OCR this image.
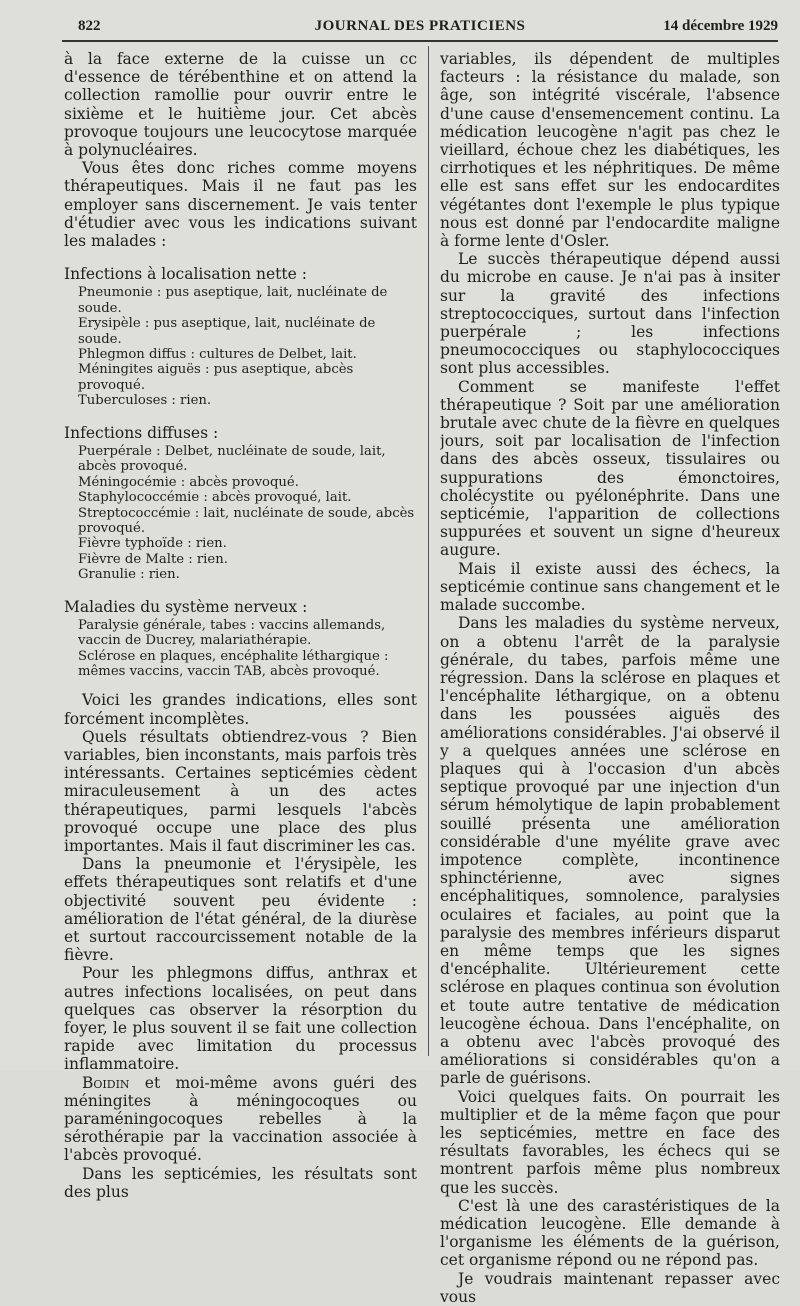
822	JOURNAL DES PRATICIENS	14 décembre 1929

à la face externe de la cuisse un cc d'essence de térébenthine et on attend la collection ramollie pour ouvrir entre le sixième et le huitième jour. Cet abcès provoque toujours une leucocytose marquée à polynucléaires.

Vous êtes donc riches comme moyens thérapeutiques. Mais il ne faut pas les employer sans discernement. Je vais tenter d'étudier avec vous les indications suivant les malades :

Infections à localisation nette :

Pneumonie : pus aseptique, lait, nucléinate de soude.

Erysipèle : pus aseptique, lait, nucléinate de soude.

Phlegmon diffus : cultures de Delbet, lait.

Méningites aiguës : pus aseptique, abcès provoqué.

Tuberculoses : rien.

Infections diffuses :

Puerpérale : Delbet, nucléinate de soude, lait, abcès provoqué.

Méningocémie : abcès provoqué.

Staphylococcémie : abcès provoqué, lait.

Streptococcémie : lait, nucléinate de soude, abcès provoqué.

Fièvre typhoïde : rien.

Fièvre de Malte : rien.

Granulie : rien.

Maladies du système nerveux :

Paralysie générale, tabes : vaccins allemands, vaccin de Ducrey, malariathérapie.

Sclérose en plaques, encéphalite léthargique : mêmes vaccins, vaccin TAB, abcès provoqué.

Voici les grandes indications, elles sont forcément incomplètes.

Quels résultats obtiendrez-vous ? Bien variables, bien inconstants, mais parfois très intéressants. Certaines septicémies cèdent miraculeusement à un des actes thérapeutiques, parmi lesquels l'abcès provoqué occupe une place des plus importantes. Mais il faut discriminer les cas.

Dans la pneumonie et l'érysipèle, les effets thérapeutiques sont relatifs et d'une objectivité souvent peu évidente : amélioration de l'état général, de la diurèse et surtout raccourcissement notable de la fièvre.

Pour les phlegmons diffus, anthrax et autres infections localisées, on peut dans quelques cas observer la résorption du foyer, le plus souvent il se fait une collection rapide avec limitation du processus inflammatoire.

Boidin et moi-même avons guéri des méningites à méningocoques ou paraméningocoques rebelles à la sérothérapie par la vaccination associée à l'abcès provoqué.

Dans les septicémies, les résultats sont des plus

variables, ils dépendent de multiples facteurs : la résistance du malade, son âge, son intégrité viscérale, l'absence d'une cause d'ensemencement continu. La médication leucogène n'agit pas chez le vieillard, échoue chez les diabétiques, les cirrhotiques et les néphritiques. De même elle est sans effet sur les endocardites végétantes dont l'exemple le plus typique nous est donné par l'endocardite maligne à forme lente d'Osler.

Le succès thérapeutique dépend aussi du microbe en cause. Je n'ai pas à insiter sur la gravité des infections streptococciques, surtout dans l'infection puerpérale ; les infections pneumococciques ou staphylococciques sont plus accessibles.

Comment se manifeste l'effet thérapeutique ? Soit par une amélioration brutale avec chute de la fièvre en quelques jours, soit par localisation de l'infection dans des abcès osseux, tissulaires ou suppurations des émonctoires, cholécystite ou pyélonéphrite. Dans une septicémie, l'apparition de collections suppurées et souvent un signe d'heureux augure.

Mais il existe aussi des échecs, la septicémie continue sans changement et le malade succombe.

Dans les maladies du système nerveux, on a obtenu l'arrêt de la paralysie générale, du tabes, parfois même une régression. Dans la sclérose en plaques et l'encéphalite léthargique, on a obtenu dans les poussées aiguës des améliorations considérables. J'ai observé il y a quelques années une sclérose en plaques qui à l'occasion d'un abcès septique provoqué par une injection d'un sérum hémolytique de lapin probablement souillé présenta une amélioration considérable d'une myélite grave avec impotence complète, incontinence sphinctérienne, avec signes encéphalitiques, somnolence, paralysies oculaires et faciales, au point que la paralysie des membres inférieurs disparut en même temps que les signes d'encéphalite. Ultérieurement cette sclérose en plaques continua son évolution et toute autre tentative de médication leucogène échoua. Dans l'encéphalite, on a obtenu avec l'abcès provoqué des améliorations si considérables qu'on a parle de guérisons.

Voici quelques faits. On pourrait les multiplier et de la même façon que pour les septicémies, mettre en face des résultats favorables, les échecs qui se montrent parfois même plus nombreux que les succès.

C'est là une des carastéristiques de la médication leucogène. Elle demande à l'organisme les éléments de la guérison, cet organisme répond ou ne répond pas.

Je voudrais maintenant repasser avec vous
